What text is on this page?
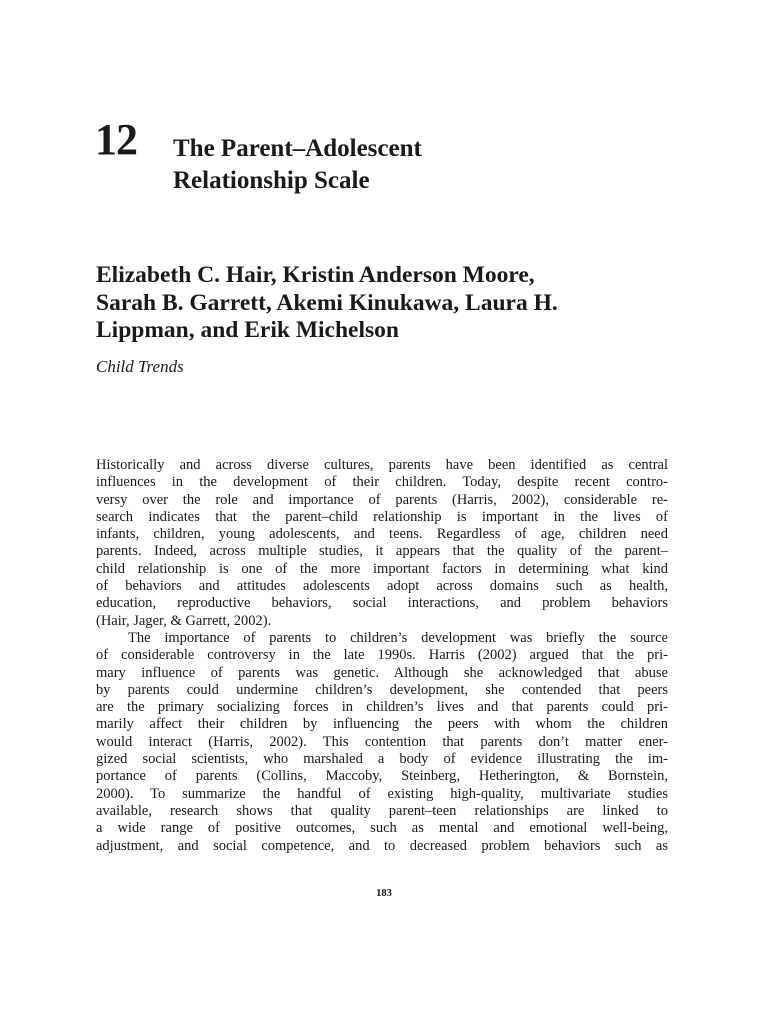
12 The Parent–Adolescent
Relationship Scale
Elizabeth C. Hair, Kristin Anderson Moore,
Sarah B. Garrett, Akemi Kinukawa, Laura H.
Lippman, and Erik Michelson

Child Trends

Historically and across diverse cultures, parents have been identified as central
influences in the development of their children. Today, despite recent contro-
versy over the role and importance of parents (Harris, 2002), considerable re-
search indicates that the parent–child relationship is important in the lives of
infants, children, young adolescents, and teens. Regardless of age, children need
parents. Indeed, across multiple studies, it appears that the quality of the parent–
child relationship is one of the more important factors in determining what kind
of behaviors and attitudes adolescents adopt across domains such as health,
education, reproductive behaviors, social interactions, and problem behaviors
(Hair, Jager, & Garrett, 2002).
The importance of parents to children’s development was briefly the source
of considerable controversy in the late 1990s. Harris (2002) argued that the pri-
mary influence of parents was genetic. Although she acknowledged that abuse
by parents could undermine children’s development, she contended that peers
are the primary socializing forces in children’s lives and that parents could pri-
marily affect their children by influencing the peers with whom the children
would interact (Harris, 2002). This contention that parents don’t matter ener-
gized social scientists, who marshaled a body of evidence illustrating the im-
portance of parents (Collins, Maccoby, Steinberg, Hetherington, & Bornstein,
2000). To summarize the handful of existing high-quality, multivariate studies
available, research shows that quality parent–teen relationships are linked to
a wide range of positive outcomes, such as mental and emotional well-being,
adjustment, and social competence, and to decreased problem behaviors such as
183
